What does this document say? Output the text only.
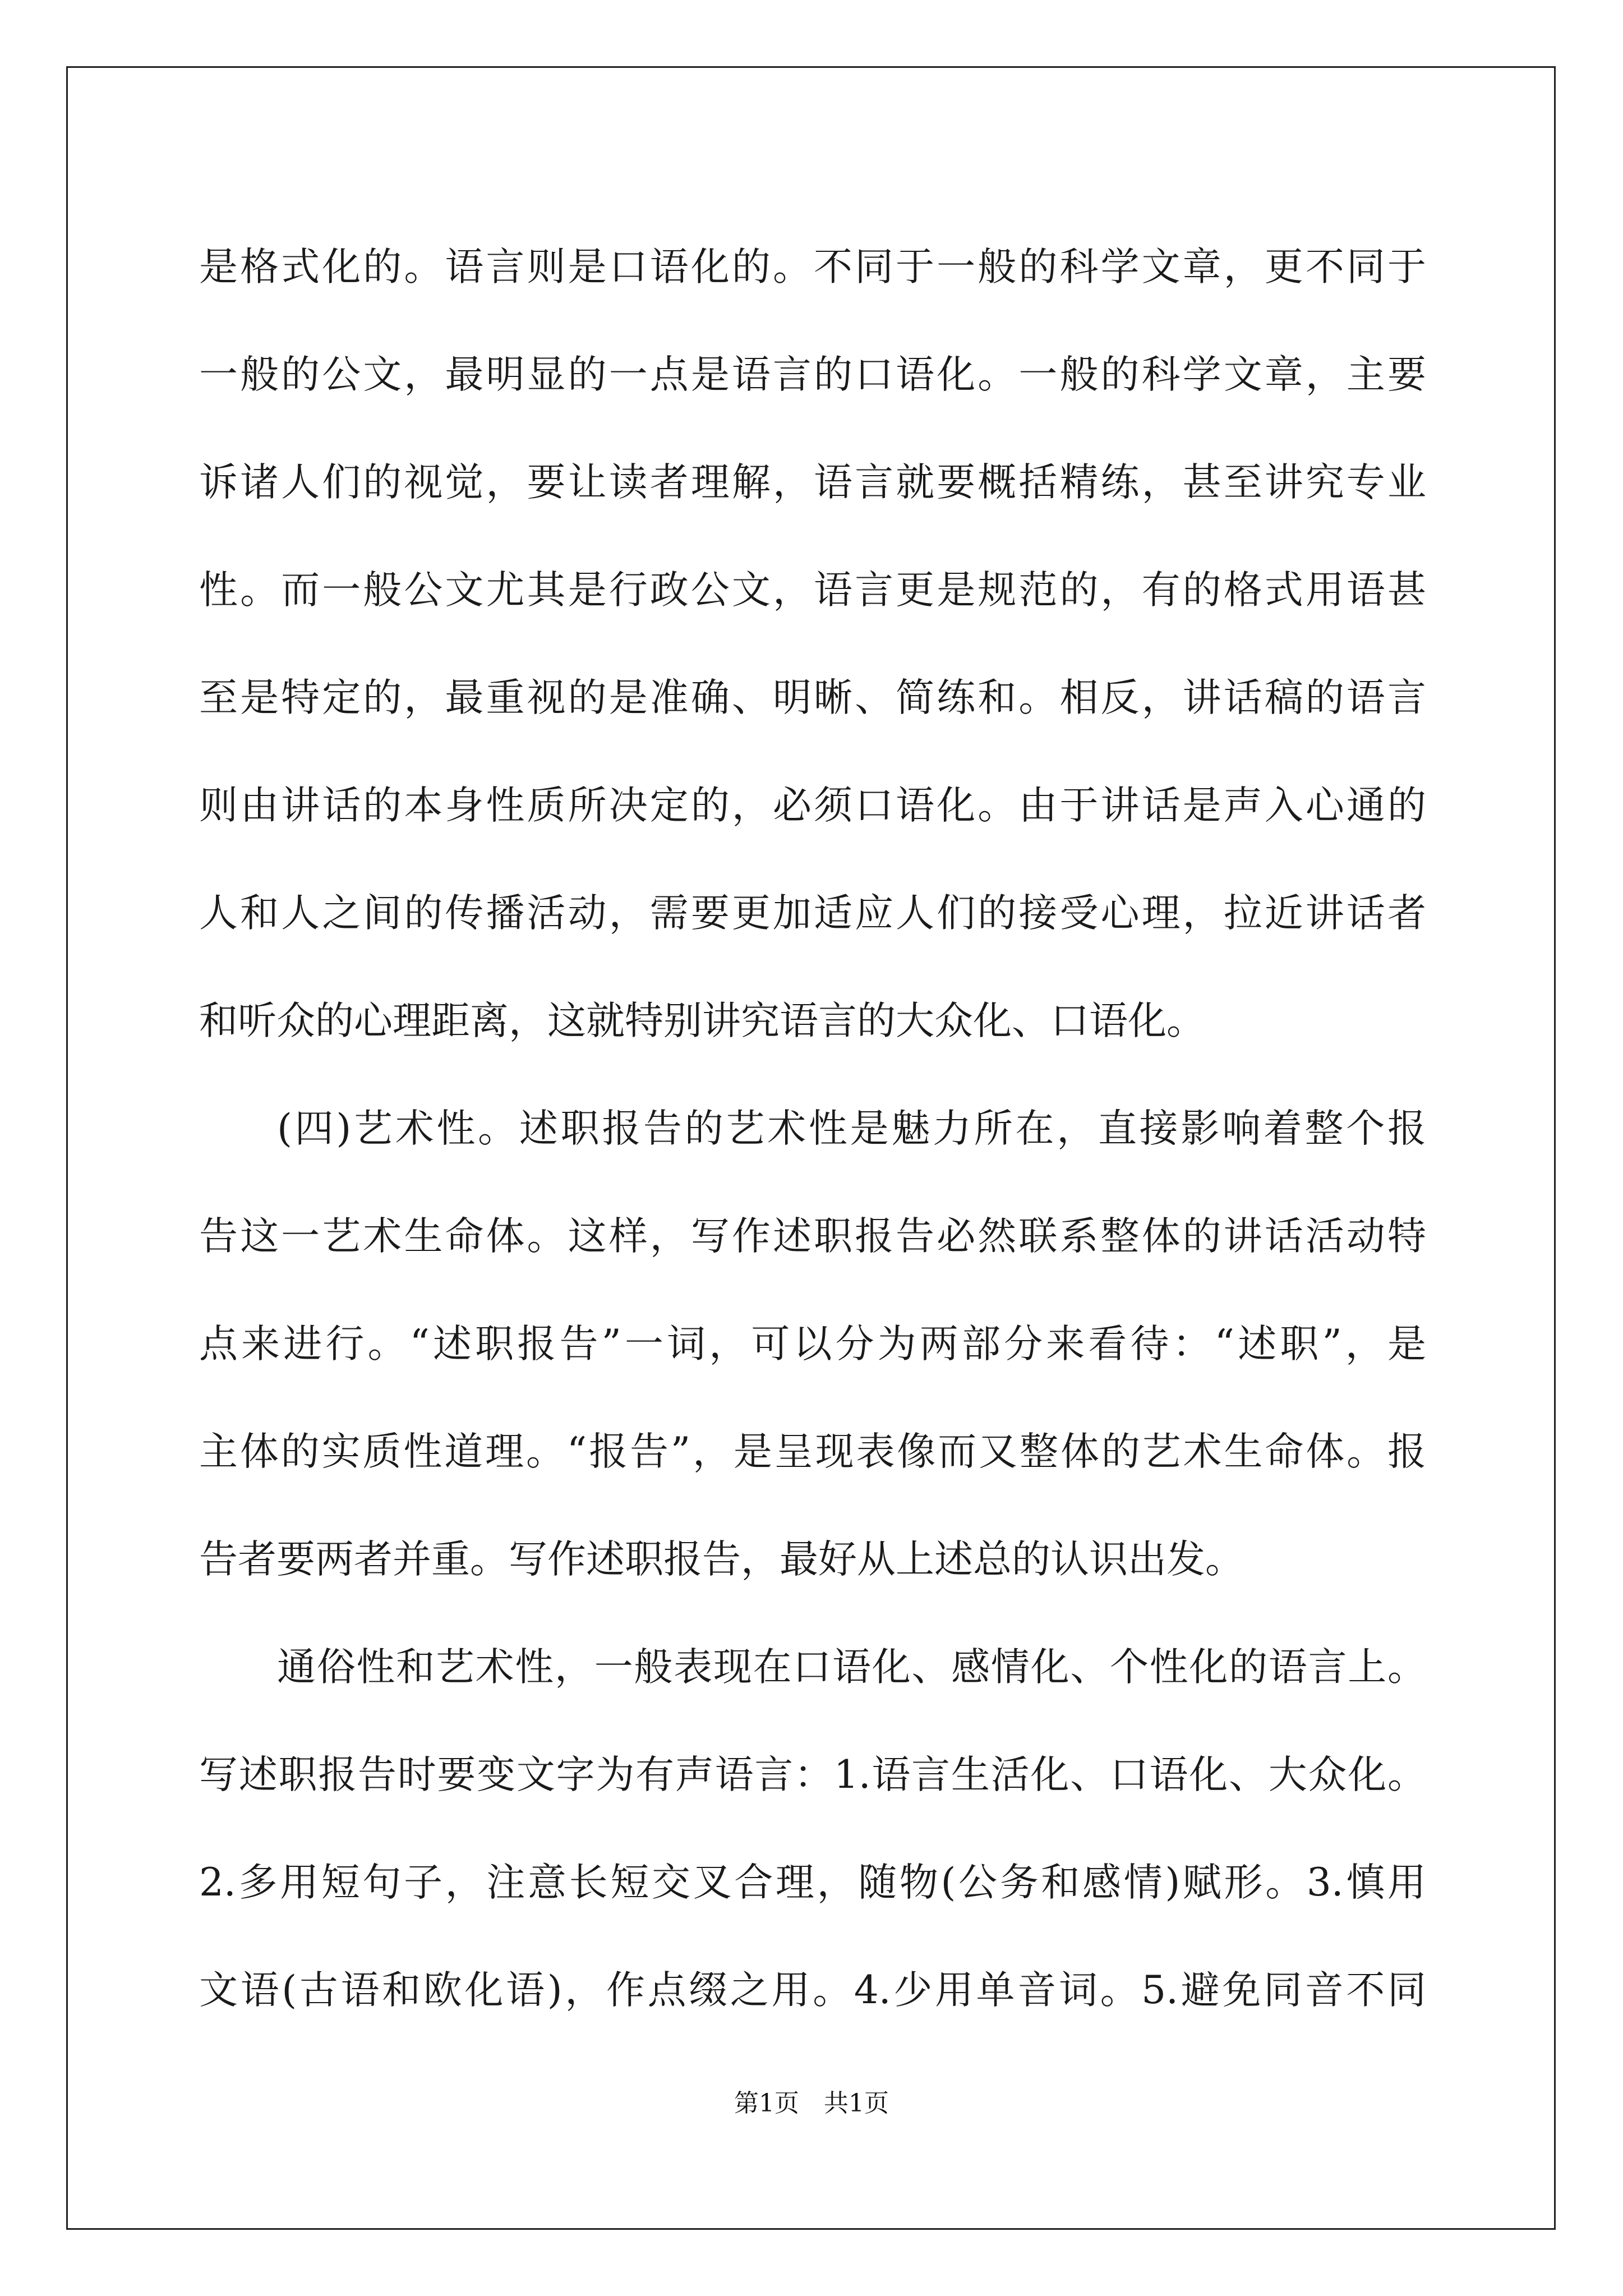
是格式化的。语言则是口语化的。不同于一般的科学文章，更不同于
一般的公文，最明显的一点是语言的口语化。一般的科学文章，主要
诉诸人们的视觉，要让读者理解，语言就要概括精练，甚至讲究专业
性。而一般公文尤其是行政公文，语言更是规范的，有的格式用语甚
至是特定的，最重视的是准确、明晰、简练和。相反，讲话稿的语言
则由讲话的本身性质所决定的，必须口语化。由于讲话是声入心通的
人和人之间的传播活动，需要更加适应人们的接受心理，拉近讲话者
和听众的心理距离，这就特别讲究语言的大众化、口语化。
(四)艺术性。述职报告的艺术性是魅力所在，直接影响着整个报
告这一艺术生命体。这样，写作述职报告必然联系整体的讲话活动特
点来进行。“述职报告”一词，可以分为两部分来看待：“述职”，是
主体的实质性道理。“报告”，是呈现表像而又整体的艺术生命体。报
告者要两者并重。写作述职报告，最好从上述总的认识出发。
通俗性和艺术性，一般表现在口语化、感情化、个性化的语言上。
写述职报告时要变文字为有声语言：1.语言生活化、口语化、大众化。
2.多用短句子，注意长短交叉合理，随物(公务和感情)赋形。3.慎用
文语(古语和欧化语)，作点缀之用。4.少用单音词。5.避免同音不同
第1页　共1页
